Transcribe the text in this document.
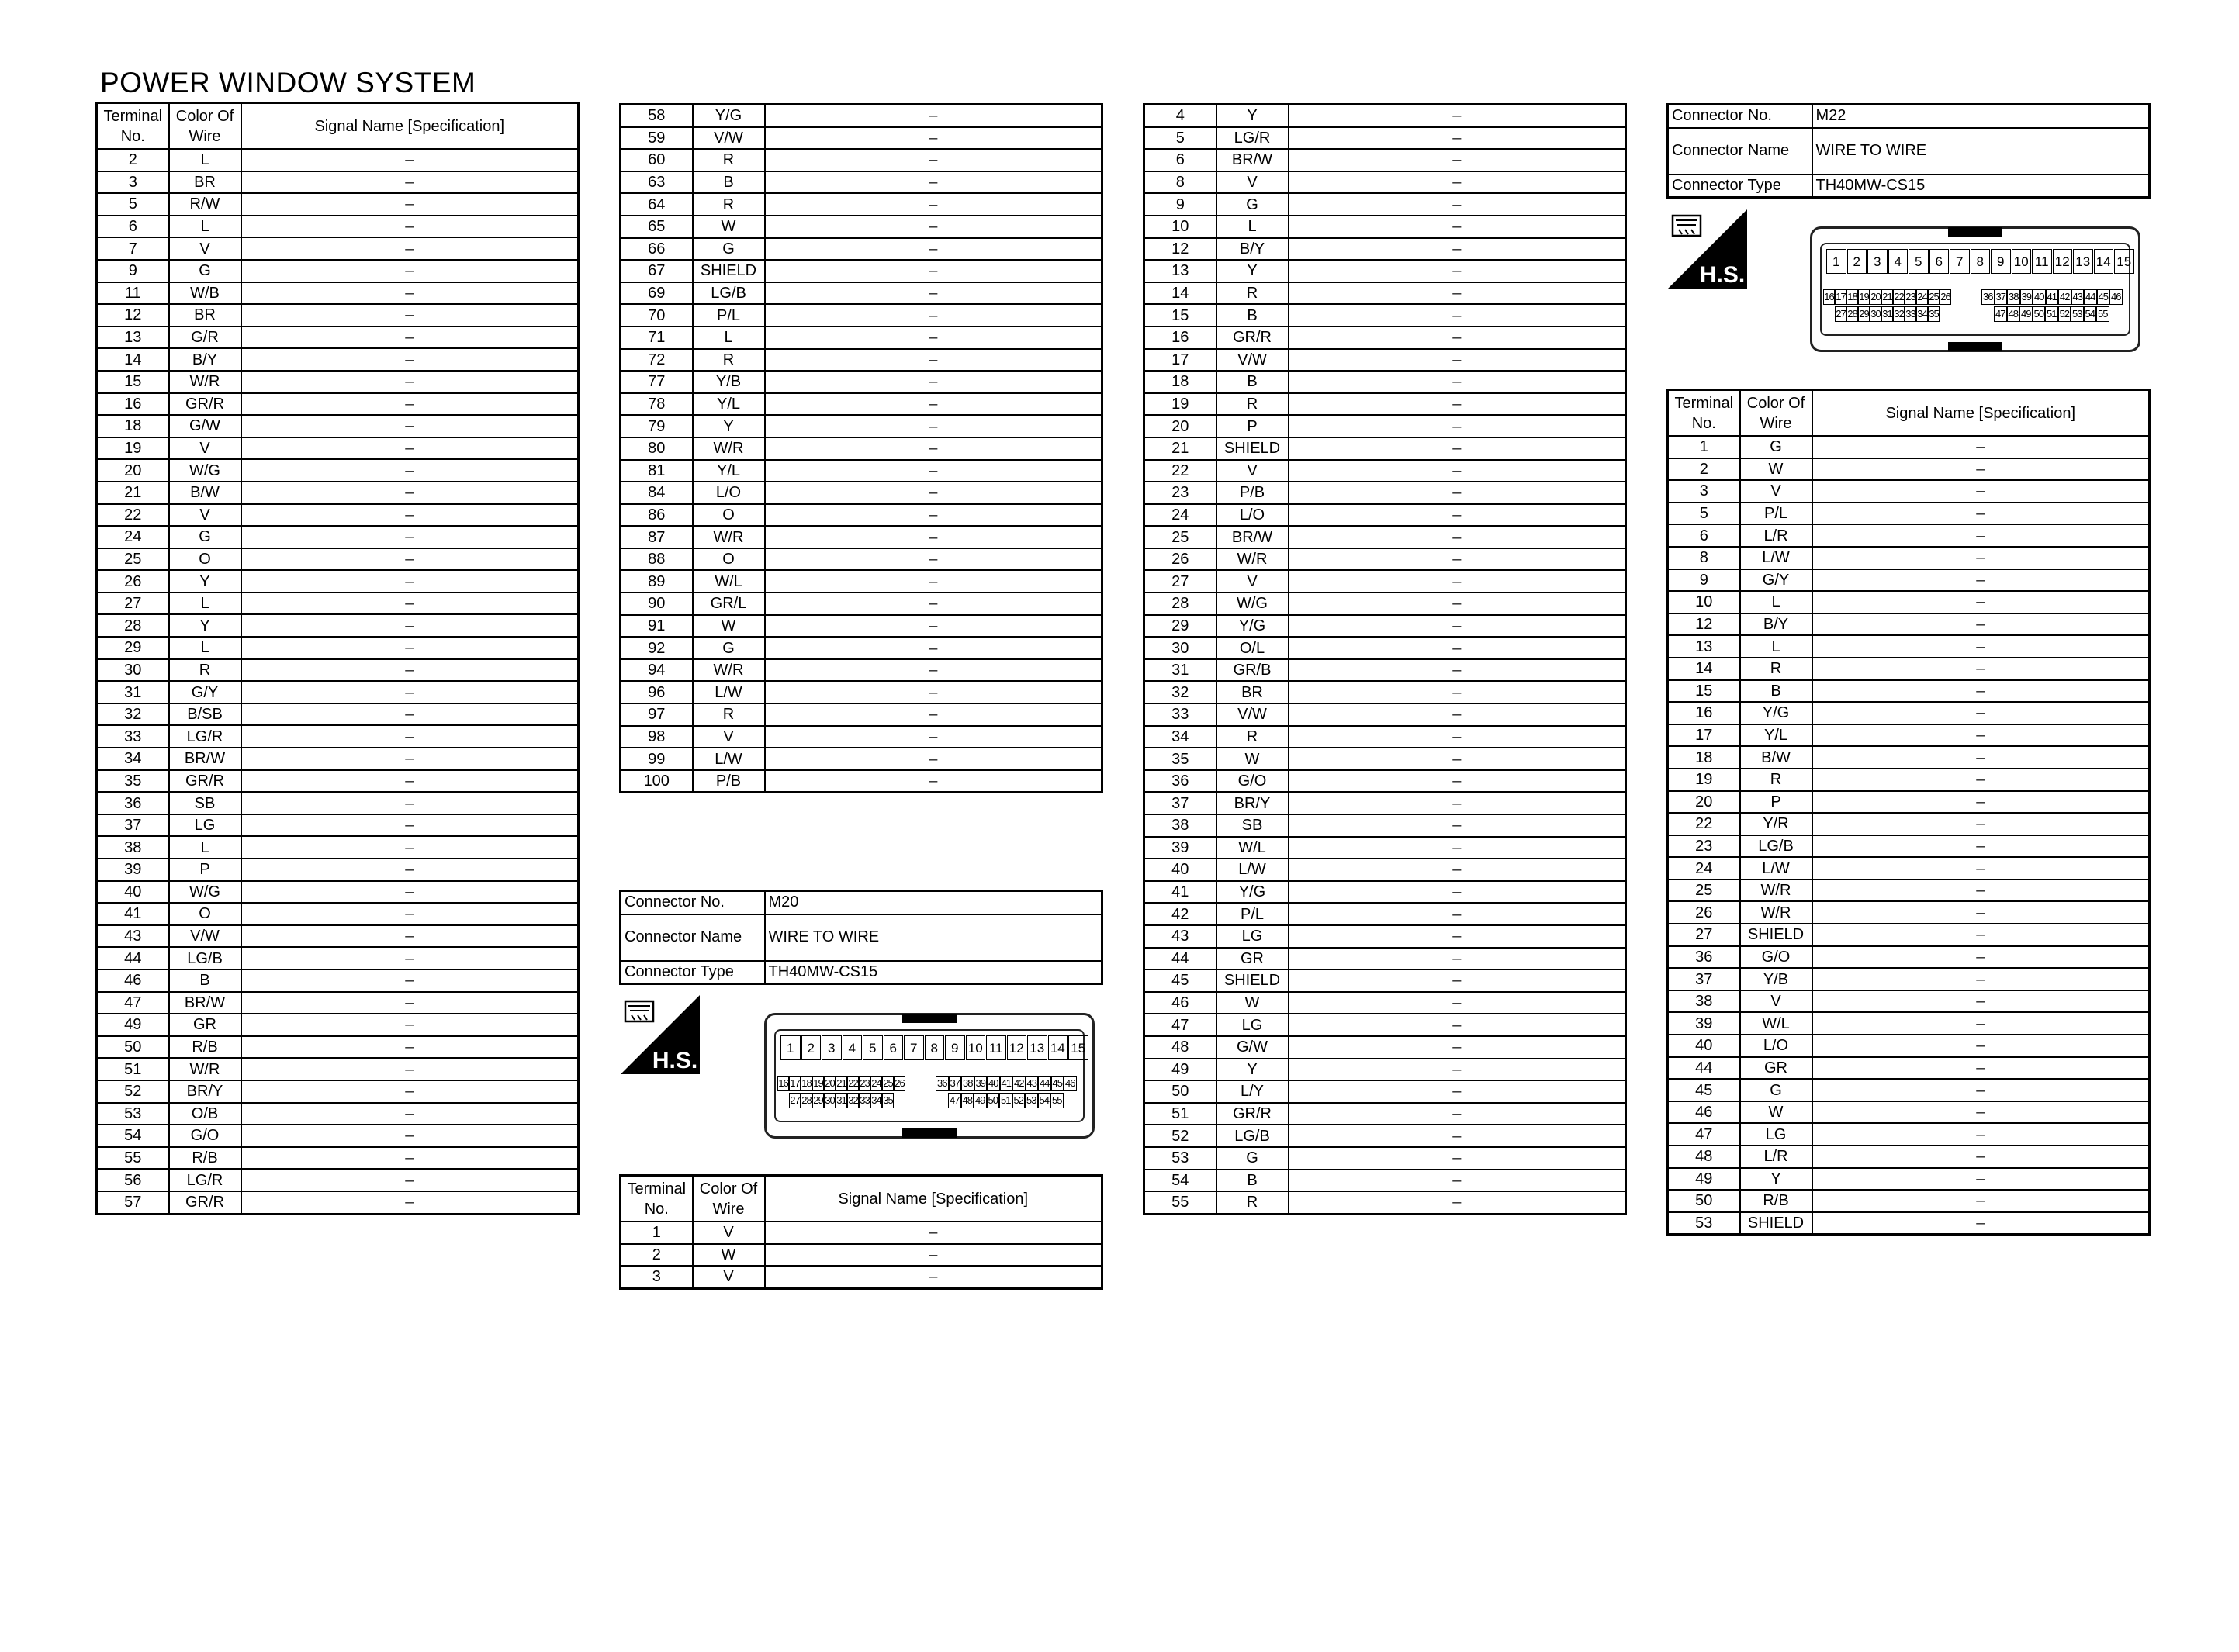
POWER WINDOW SYSTEM
Terminal No.	Color Of Wire	Signal Name [Specification]
2	L	–
3	BR	–
5	R/W	–
6	L	–
7	V	–
9	G	–
11	W/B	–
12	BR	–
13	G/R	–
14	B/Y	–
15	W/R	–
16	GR/R	–
18	G/W	–
19	V	–
20	W/G	–
21	B/W	–
22	V	–
24	G	–
25	O	–
26	Y	–
27	L	–
28	Y	–
29	L	–
30	R	–
31	G/Y	–
32	B/SB	–
33	LG/R	–
34	BR/W	–
35	GR/R	–
36	SB	–
37	LG	–
38	L	–
39	P	–
40	W/G	–
41	O	–
43	V/W	–
44	LG/B	–
46	B	–
47	BR/W	–
49	GR	–
50	R/B	–
51	W/R	–
52	BR/Y	–
53	O/B	–
54	G/O	–
55	R/B	–
56	LG/R	–
57	GR/R	–
58	Y/G	–
59	V/W	–
60	R	–
63	B	–
64	R	–
65	W	–
66	G	–
67	SHIELD	–
69	LG/B	–
70	P/L	–
71	L	–
72	R	–
77	Y/B	–
78	Y/L	–
79	Y	–
80	W/R	–
81	Y/L	–
84	L/O	–
86	O	–
87	W/R	–
88	O	–
89	W/L	–
90	GR/L	–
91	W	–
92	G	–
94	W/R	–
96	L/W	–
97	R	–
98	V	–
99	L/W	–
100	P/B	–
Connector No.	M20
Connector Name	WIRE TO WIRE
Connector Type	TH40MW-CS15
H.S.	1	2	3	4	5	6	7	8	9 10 11 12 13 14 15
16 17 18 19 20 21 22 23 24 25 26	36 37 38 39 40 41 42 43 44 45 46
27 28 29 30 31 32 33 34 35	47 48 49 50 51 52 53 54 55
Terminal No.	Color Of Wire	Signal Name [Specification]
1	V	–
2	W	–
3	V	–
4	Y	–
5	LG/R	–
6	BR/W	–
8	V	–
9	G	–
10	L	–
12	B/Y	–
13	Y	–
14	R	–
15	B	–
16	GR/R	–
17	V/W	–
18	B	–
19	R	–
20	P	–
21	SHIELD	–
22	V	–
23	P/B	–
24	L/O	–
25	BR/W	–
26	W/R	–
27	V	–
28	W/G	–
29	Y/G	–
30	O/L	–
31	GR/B	–
32	BR	–
33	V/W	–
34	R	–
35	W	–
36	G/O	–
37	BR/Y	–
38	SB	–
39	W/L	–
40	L/W	–
41	Y/G	–
42	P/L	–
43	LG	–
44	GR	–
45	SHIELD	–
46	W	–
47	LG	–
48	G/W	–
49	Y	–
50	L/Y	–
51	GR/R	–
52	LG/B	–
53	G	–
54	B	–
55	R	–
Connector No.	M22
Connector Name	WIRE TO WIRE
Connector Type	TH40MW-CS15
H.S.
1	2	3	4	5	6	7	8	9 10 11 12 13 14 15
16 17 18 19 20 21 22 23 24 25 26	36 37 38 39 40 41 42 43 44 45 46
27 28 29 30 31 32 33 34 35	47 48 49 50 51 52 53 54 55
Terminal No.	Color Of Wire	Signal Name [Specification]
1	G	–
2	W	–
3	V	–
5	P/L	–
6	L/R	–
8	L/W	–
9	G/Y	–
10	L	–
12	B/Y	–
13	L	–
14	R	–
15	B	–
16	Y/G	–
17	Y/L	–
18	B/W	–
19	R	–
20	P	–
22	Y/R	–
23	LG/B	–
24	L/W	–
25	W/R	–
26	W/R	–
27	SHIELD	–
36	G/O	–
37	Y/B	–
38	V	–
39	W/L	–
40	L/O	–
44	GR	–
45	G	–
46	W	–
47	LG	–
48	L/R	–
49	Y	–
50	R/B	–
53	SHIELD	–
